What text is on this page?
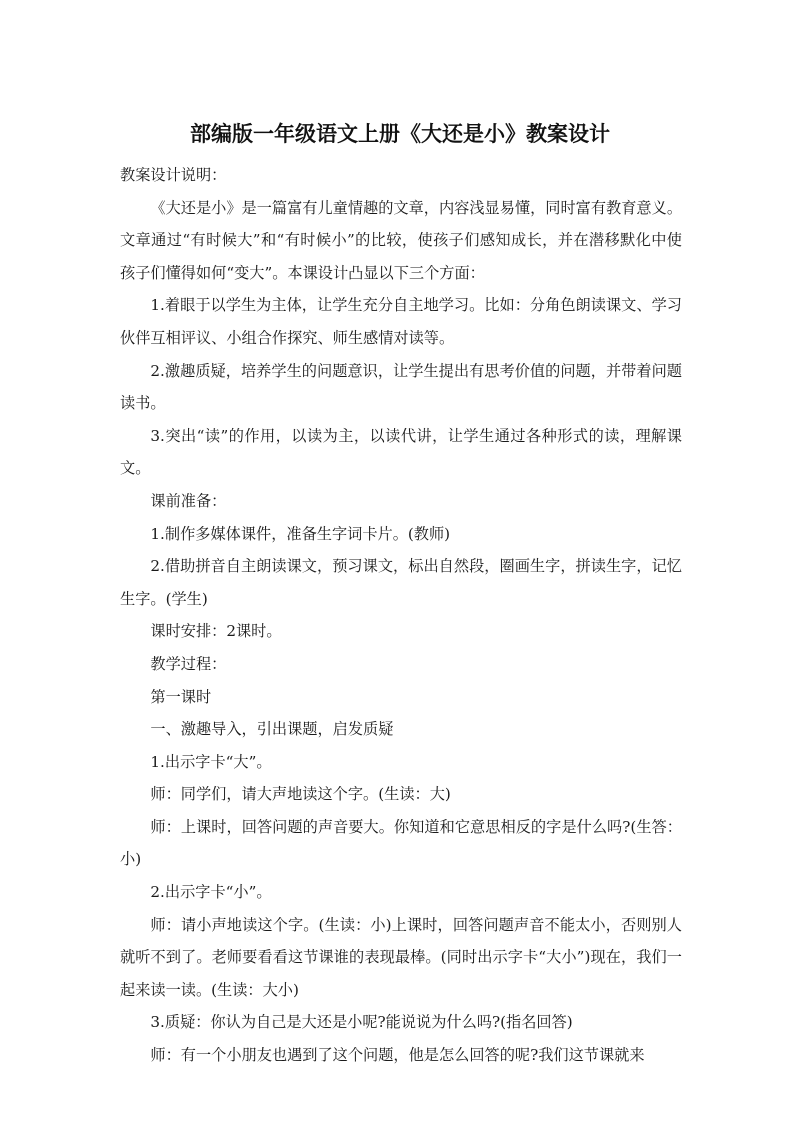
部编版一年级语文上册《大还是小》教案设计

教案设计说明：

《大还是小》是一篇富有儿童情趣的文章，内容浅显易懂，同时富有教育意义。文章通过“有时候大”和“有时候小”的比较，使孩子们感知成长，并在潜移默化中使孩子们懂得如何“变大”。本课设计凸显以下三个方面：

1.着眼于以学生为主体，让学生充分自主地学习。比如：分角色朗读课文、学习伙伴互相评议、小组合作探究、师生感情对读等。

2.激趣质疑，培养学生的问题意识，让学生提出有思考价值的问题，并带着问题读书。

3.突出“读”的作用，以读为主，以读代讲，让学生通过各种形式的读，理解课文。

课前准备：

1.制作多媒体课件，准备生字词卡片。(教师)

2.借助拼音自主朗读课文，预习课文，标出自然段，圈画生字，拼读生字，记忆生字。(学生)

课时安排：2课时。

教学过程：

第一课时

一、激趣导入，引出课题，启发质疑

1.出示字卡“大”。

师：同学们，请大声地读这个字。(生读：大)

师：上课时，回答问题的声音要大。你知道和它意思相反的字是什么吗?(生答：小)

2.出示字卡“小”。

师：请小声地读这个字。(生读：小)上课时，回答问题声音不能太小，否则别人就听不到了。老师要看看这节课谁的表现最棒。(同时出示字卡“大小”)现在，我们一起来读一读。(生读：大小)

3.质疑：你认为自己是大还是小呢?能说说为什么吗?(指名回答)

师：有一个小朋友也遇到了这个问题，他是怎么回答的呢?我们这节课就来
